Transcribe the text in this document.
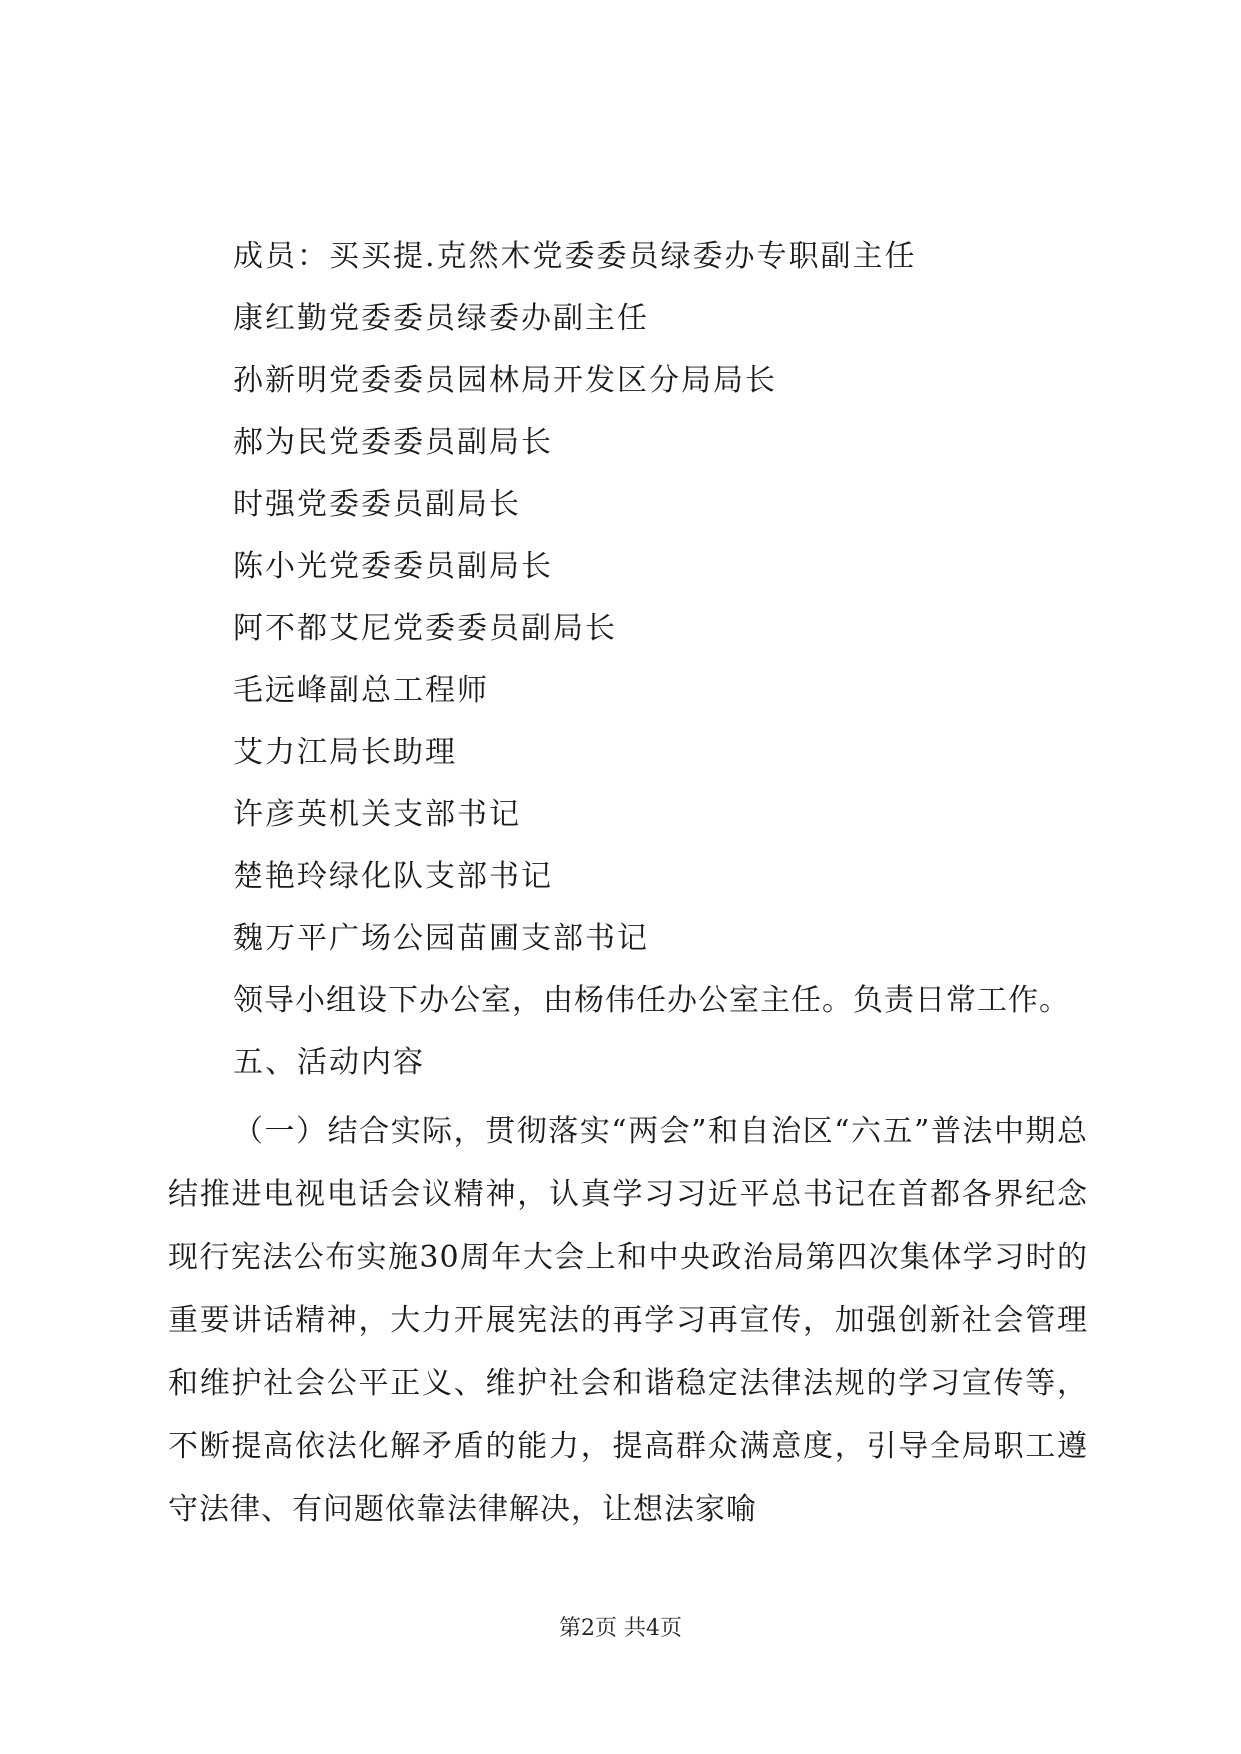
成员：买买提.克然木党委委员绿委办专职副主任

康红勤党委委员绿委办副主任

孙新明党委委员园林局开发区分局局长

郝为民党委委员副局长

时强党委委员副局长

陈小光党委委员副局长

阿不都艾尼党委委员副局长

毛远峰副总工程师

艾力江局长助理

许彦英机关支部书记

楚艳玲绿化队支部书记

魏万平广场公园苗圃支部书记

领导小组设下办公室，由杨伟任办公室主任。负责日常工作。

五、活动内容

（一）结合实际，贯彻落实“两会”和自治区“六五”普法中期总结推进电视电话会议精神，认真学习习近平总书记在首都各界纪念现行宪法公布实施30周年大会上和中央政治局第四次集体学习时的重要讲话精神，大力开展宪法的再学习再宣传，加强创新社会管理和维护社会公平正义、维护社会和谐稳定法律法规的学习宣传等，不断提高依法化解矛盾的能力，提高群众满意度，引导全局职工遵守法律、有问题依靠法律解决，让想法家喻

第2页 共4页
